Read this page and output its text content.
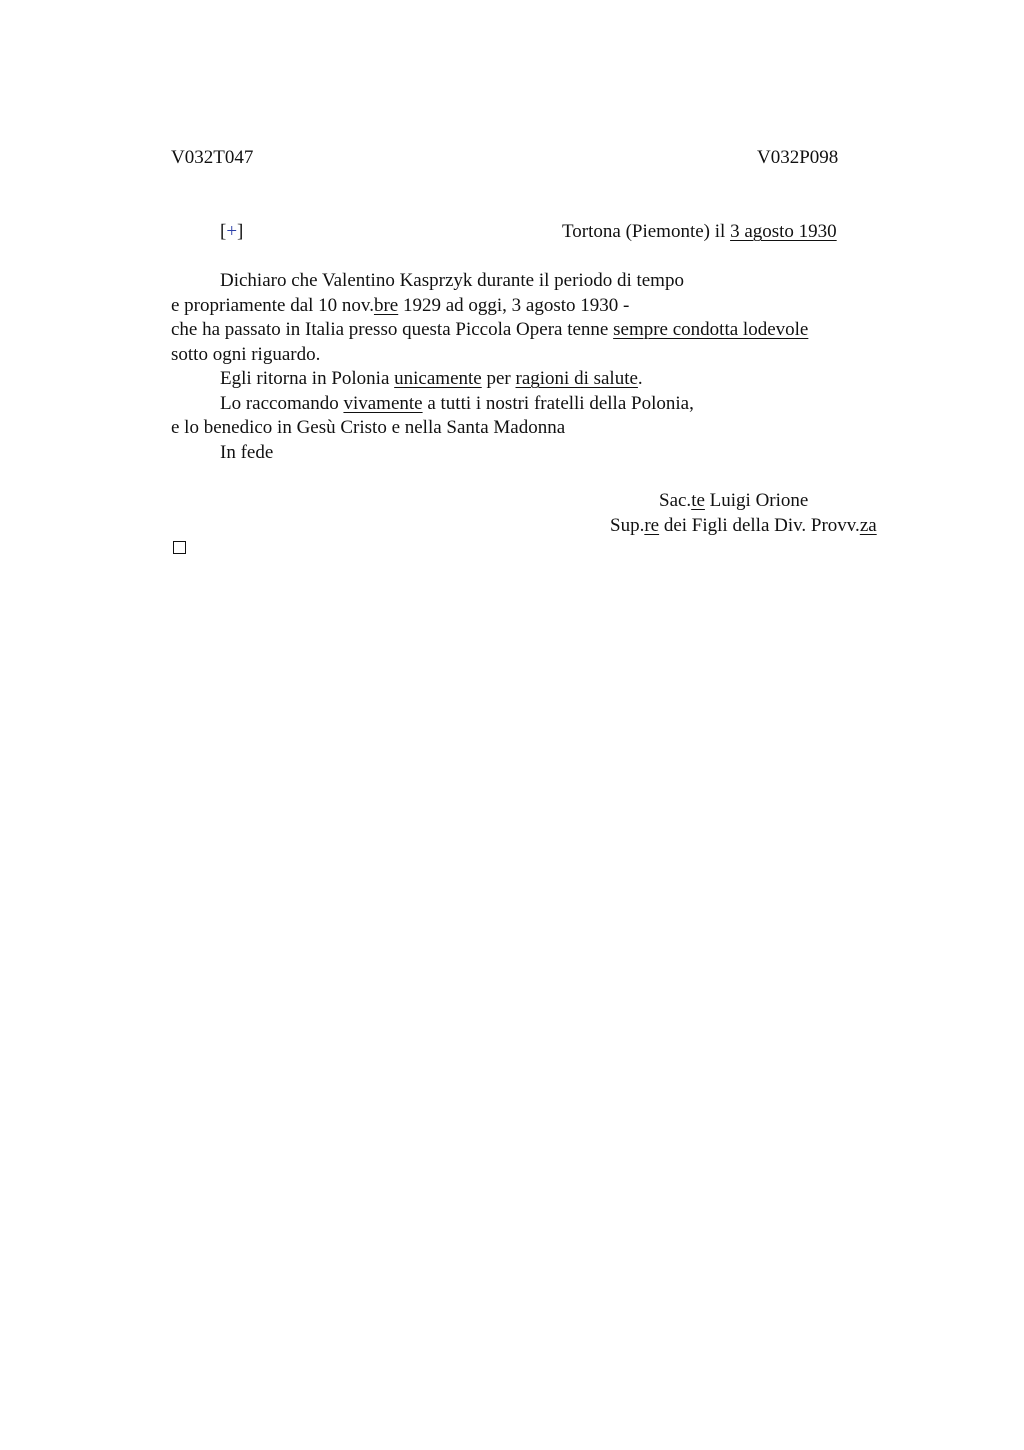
V032T047	V032P098
[+]	Tortona (Piemonte) il 3 agosto 1930
Dichiaro che Valentino Kasprzyk durante il periodo di tempo
e propriamente dal 10 nov.bre 1929 ad oggi, 3 agosto 1930 -
che ha passato in Italia presso questa Piccola Opera tenne sempre condotta lodevole
sotto ogni riguardo.
Egli ritorna in Polonia unicamente per ragioni di salute.
Lo raccomando vivamente a tutti i nostri fratelli della Polonia,
e lo benedico in Gesù Cristo e nella Santa Madonna
In fede
Sac.te Luigi Orione
Sup.re dei Figli della Div. Provv.za
